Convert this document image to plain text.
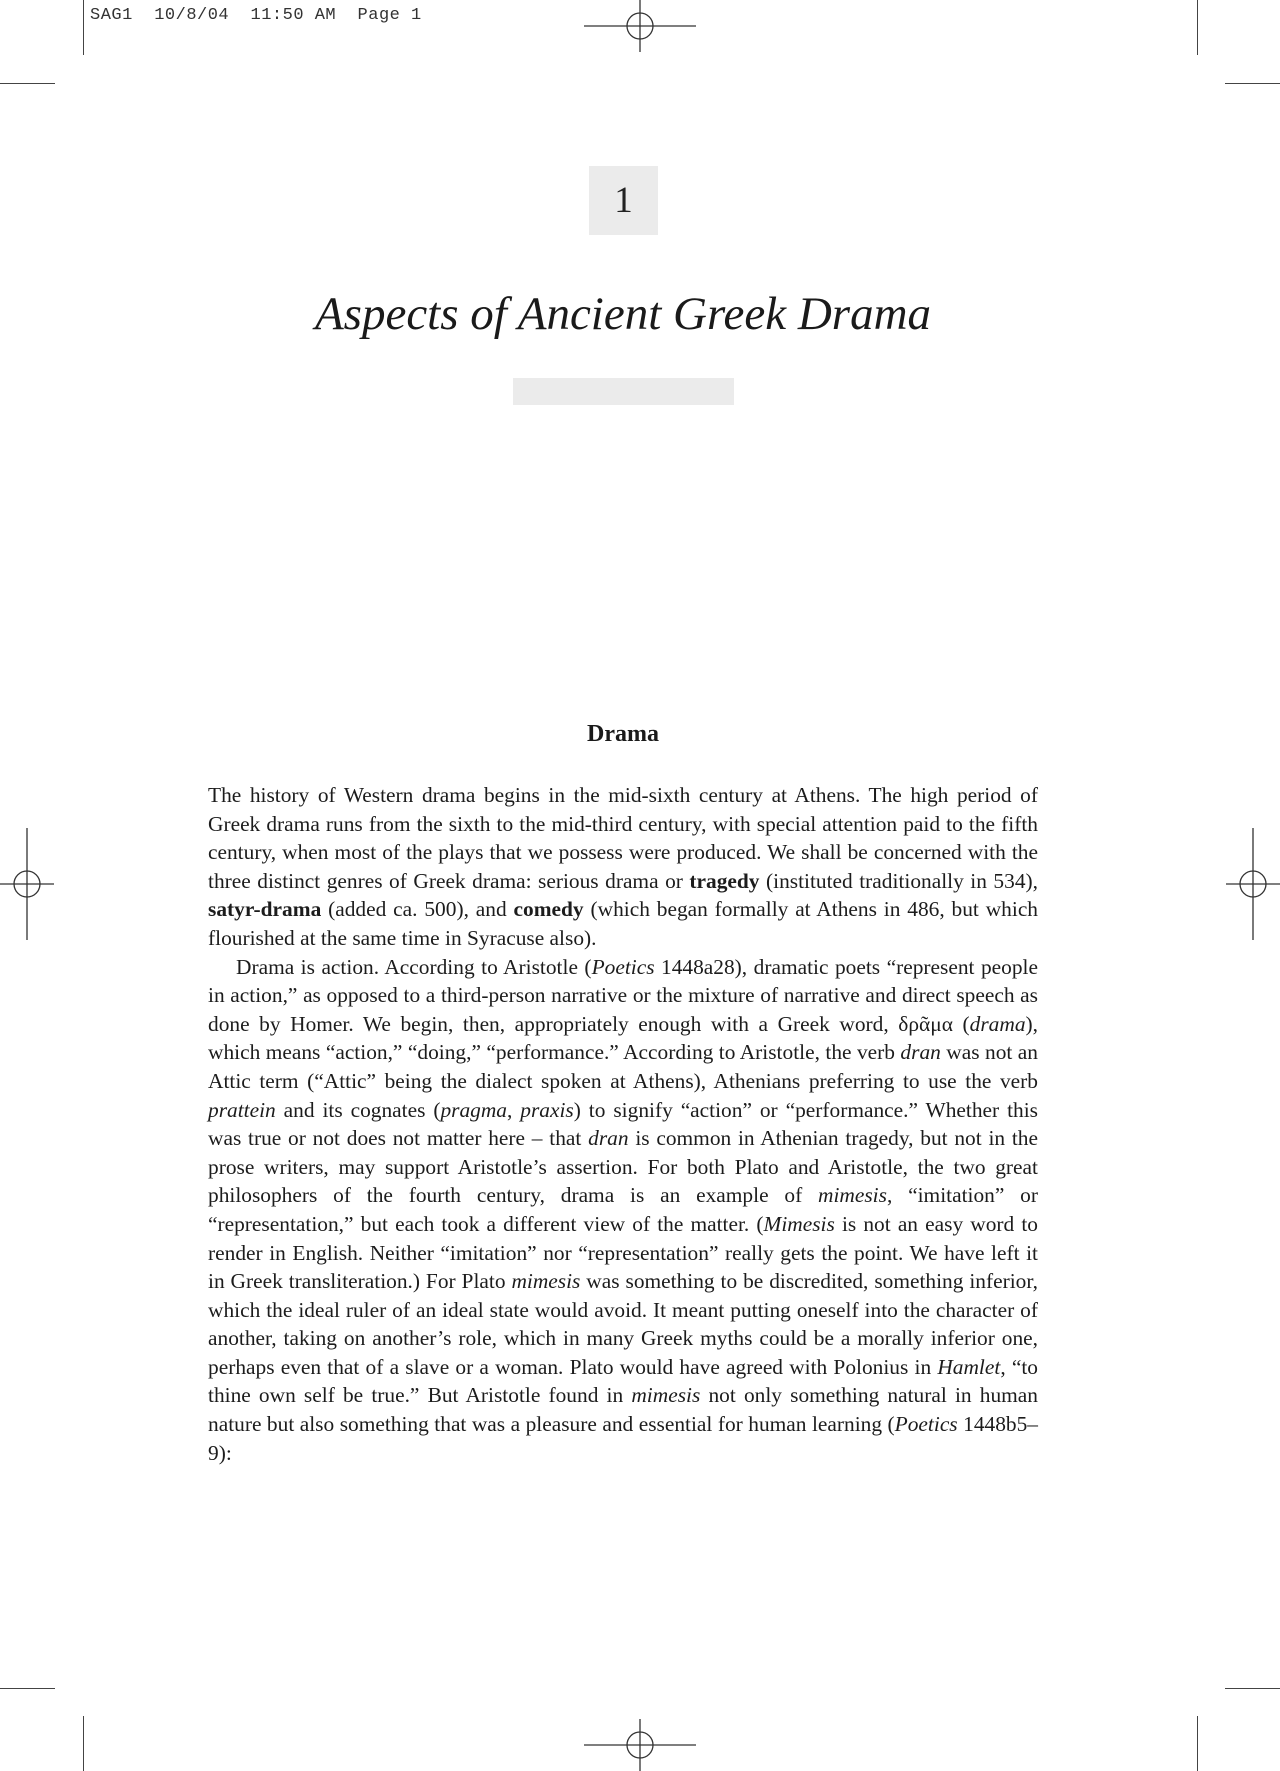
SAG1  10/8/04  11:50 AM  Page 1
1
Aspects of Ancient Greek Drama
Drama

The history of Western drama begins in the mid-sixth century at Athens. The high period of Greek drama runs from the sixth to the mid-third century, with special attention paid to the fifth century, when most of the plays that we possess were produced. We shall be concerned with the three distinct genres of Greek drama: serious drama or tragedy (instituted traditionally in 534), satyr-drama (added ca. 500), and comedy (which began formally at Athens in 486, but which flourished at the same time in Syracuse also).

Drama is action. According to Aristotle (Poetics 1448a28), dramatic poets “represent people in action,” as opposed to a third-person narrative or the mixture of narrative and direct speech as done by Homer. We begin, then, appropriately enough with a Greek word, δρᾶμα (drama), which means “action,” “doing,” “performance.” According to Aristotle, the verb dran was not an Attic term (“Attic” being the dialect spoken at Athens), Athenians preferring to use the verb prattein and its cognates (pragma, praxis) to signify “action” or “performance.” Whether this was true or not does not matter here – that dran is common in Athenian tragedy, but not in the prose writers, may support Aristotle’s assertion. For both Plato and Aristotle, the two great philosophers of the fourth century, drama is an example of mimesis, “imitation” or “representation,” but each took a different view of the matter. (Mimesis is not an easy word to render in English. Neither “imitation” nor “representation” really gets the point. We have left it in Greek transliteration.) For Plato mimesis was something to be discredited, something inferior, which the ideal ruler of an ideal state would avoid. It meant putting oneself into the character of another, taking on another’s role, which in many Greek myths could be a morally inferior one, perhaps even that of a slave or a woman. Plato would have agreed with Polonius in Hamlet, “to thine own self be true.” But Aristotle found in mimesis not only something natural in human nature but also something that was a pleasure and essential for human learning (Poetics 1448b5–9):
